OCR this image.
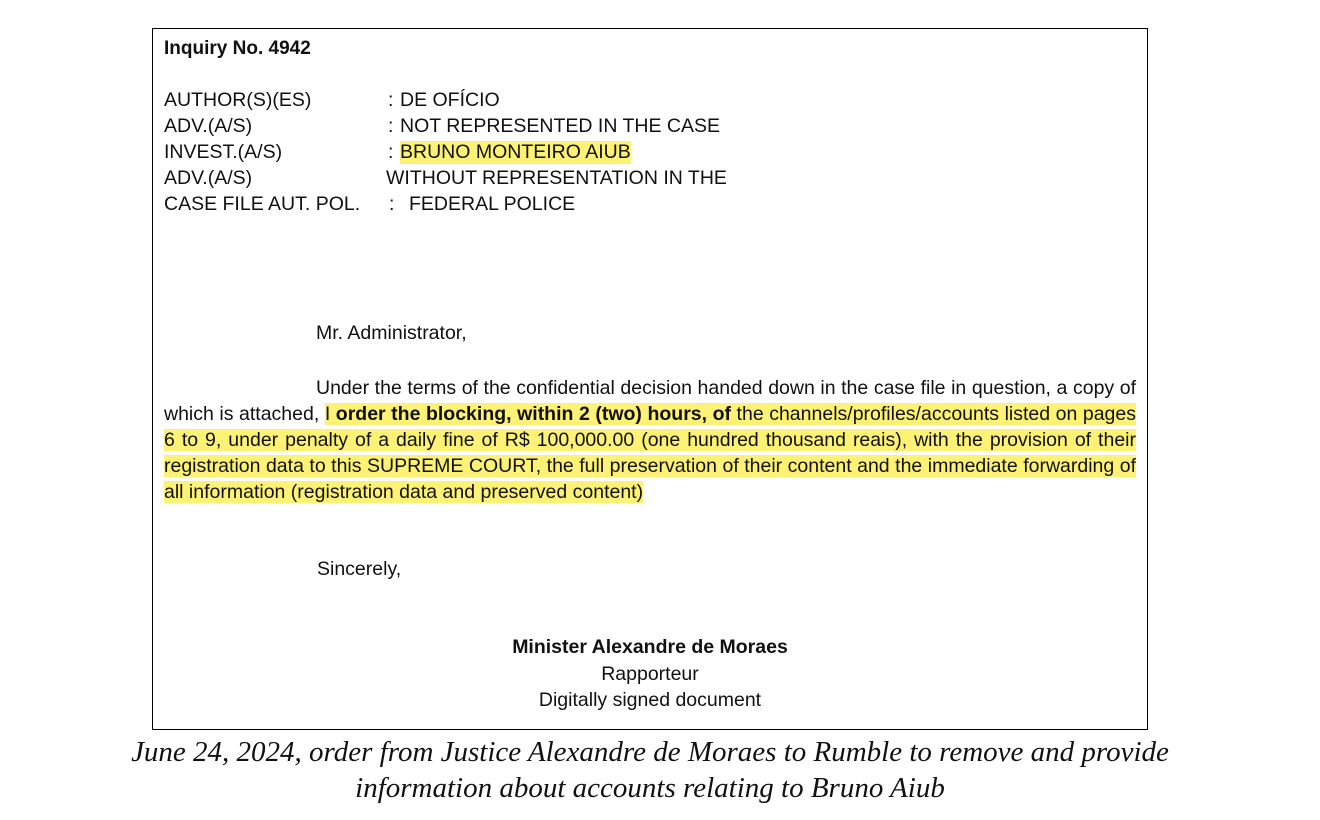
Inquiry No. 4942
AUTHOR(S)(ES)	: DE OFÍCIO
ADV.(A/S)	: NOT REPRESENTED IN THE CASE
INVEST.(A/S)	: BRUNO MONTEIRO AIUB
ADV.(A/S)	WITHOUT REPRESENTATION IN THE
CASE FILE AUT. POL. : FEDERAL POLICE
Mr. Administrator,
Under the terms of the confidential decision handed down in the case file in question, a copy of which is attached, I order the blocking, within 2 (two) hours, of the channels/profiles/accounts listed on pages 6 to 9, under penalty of a daily fine of R$ 100,000.00 (one hundred thousand reais), with the provision of their registration data to this SUPREME COURT, the full preservation of their content and the immediate forwarding of all information (registration data and preserved content)
Sincerely,
Minister Alexandre de Moraes
Rapporteur
Digitally signed document
June 24, 2024, order from Justice Alexandre de Moraes to Rumble to remove and provide
information about accounts relating to Bruno Aiub
